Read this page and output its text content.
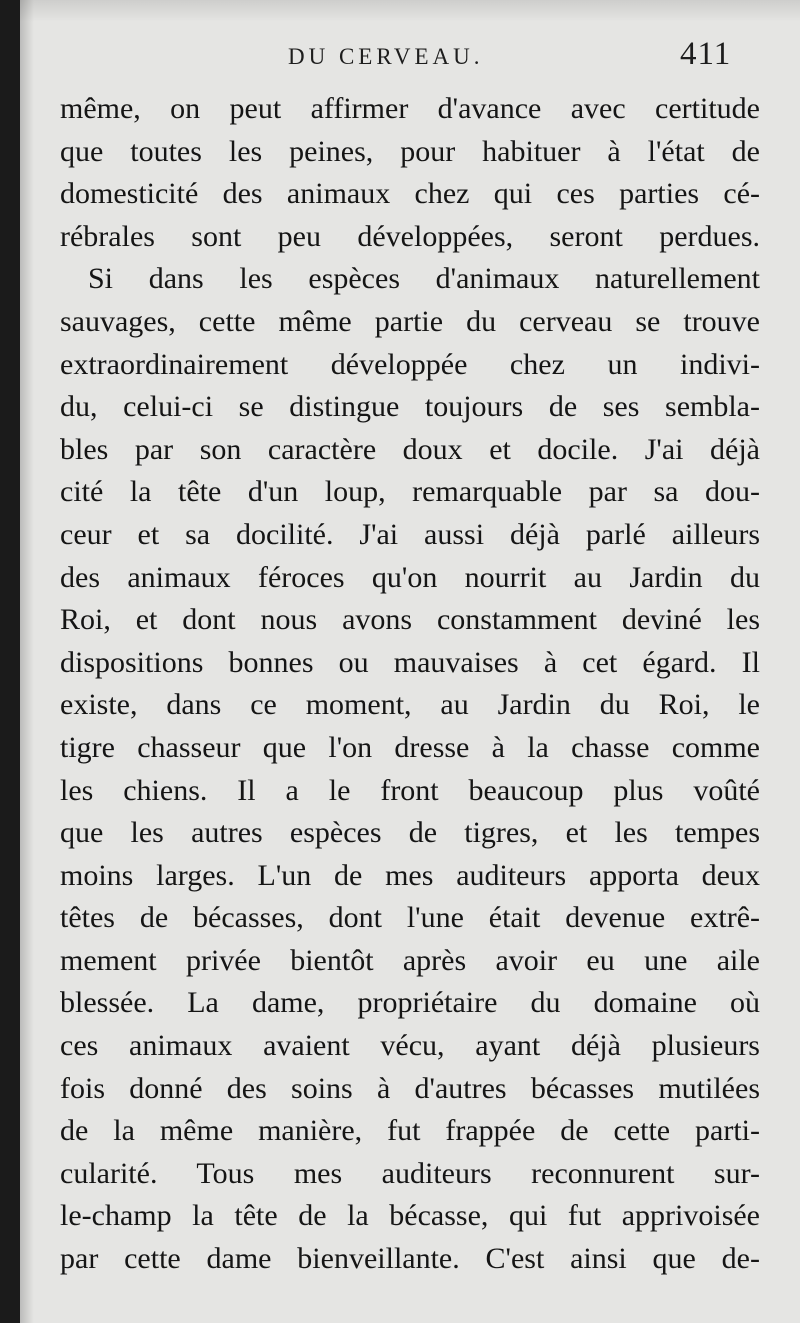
DU CERVEAU.	411
même, on peut affirmer d'avance avec certitude
que toutes les peines, pour habituer à l'état de
domesticité des animaux chez qui ces parties cé-
rébrales sont peu développées, seront perdues.
Si dans les espèces d'animaux naturellement
sauvages, cette même partie du cerveau se trouve
extraordinairement développée chez un indivi-
du, celui-ci se distingue toujours de ses sembla-
bles par son caractère doux et docile. J'ai déjà
cité la tête d'un loup, remarquable par sa dou-
ceur et sa docilité. J'ai aussi déjà parlé ailleurs
des animaux féroces qu'on nourrit au Jardin du
Roi, et dont nous avons constamment deviné les
dispositions bonnes ou mauvaises à cet égard. Il
existe, dans ce moment, au Jardin du Roi, le
tigre chasseur que l'on dresse à la chasse comme
les chiens. Il a le front beaucoup plus voûté
que les autres espèces de tigres, et les tempes
moins larges. L'un de mes auditeurs apporta deux
têtes de bécasses, dont l'une était devenue extrê-
mement privée bientôt après avoir eu une aile
blessée. La dame, propriétaire du domaine où
ces animaux avaient vécu, ayant déjà plusieurs
fois donné des soins à d'autres bécasses mutilées
de la même manière, fut frappée de cette parti-
cularité. Tous mes auditeurs reconnurent sur-
le-champ la tête de la bécasse, qui fut apprivoisée
par cette dame bienveillante. C'est ainsi que de-
